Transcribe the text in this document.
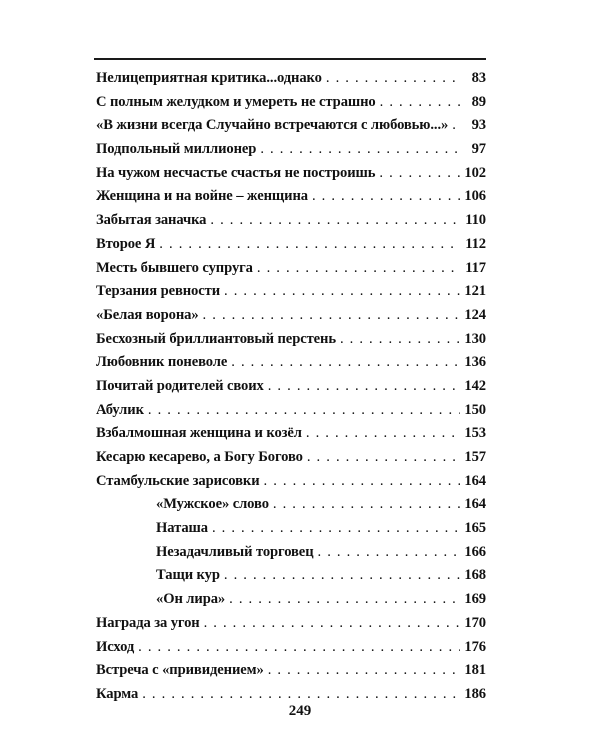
Нелицеприятная критика...однако . . .	83
С полным желудком и умереть не страшно . . .	89
«В жизни всегда Случайно встречаются с любовью...» . . .	93
Подпольный миллионер . . .	97
На чужом несчастье счастья не построишь . . .	102
Женщина и на войне – женщина . . .	106
Забытая заначка . . .	110
Второе Я . . .	112
Месть бывшего супруга . . .	117
Терзания ревности . . .	121
«Белая ворона» . . .	124
Бесхозный бриллиантовый перстень . . .	130
Любовник поневоле . . .	136
Почитай родителей своих . . .	142
Абулик . . .	150
Взбалмошная женщина и козёл . . .	153
Кесарю кесарево, а Богу Богово . . .	157
Стамбульские зарисовки . . .	164
«Мужское» слово . . .	164
Наташа . . .	165
Незадачливый торговец . . .	166
Тащи кур . . .	168
«Он лира» . . .	169
Награда за угон . . .	170
Исход . . .	176
Встреча с «привидением» . . .	181
Карма . . .	186
249
